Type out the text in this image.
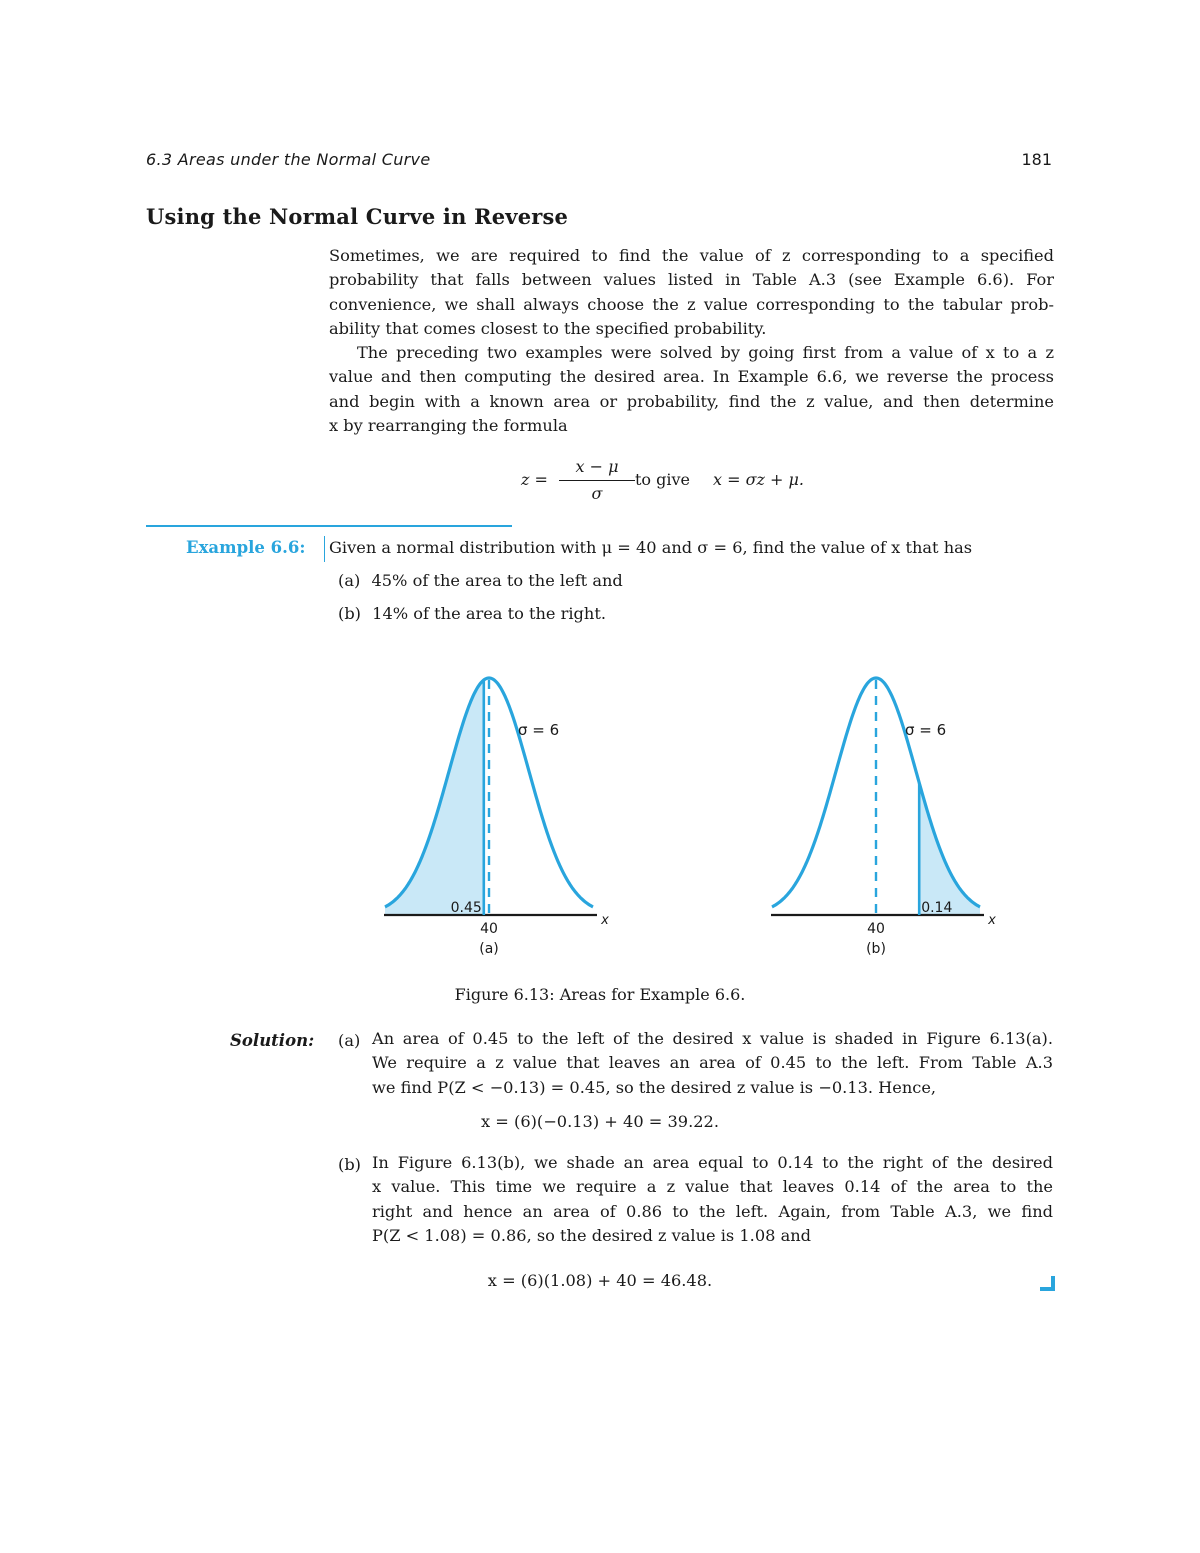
6.3 Areas under the Normal Curve	181
Using the Normal Curve in Reverse
Sometimes, we are required to find the value of z corresponding to a specified
probability that falls between values listed in Table A.3 (see Example 6.6). For
convenience, we shall always choose the z value corresponding to the tabular prob-
ability that comes closest to the specified probability.
The preceding two examples were solved by going first from a value of x to a z
value and then computing the desired area. In Example 6.6, we reverse the process
and begin with a known area or probability, find the z value, and then determine
x by rearranging the formula
z =
x − μ
σ
to give x = σz + μ.
Example 6.6: Given a normal distribution with μ = 40 and σ = 6, find the value of x that has
(a) 45% of the area to the left and
(b) 14% of the area to the right.
σ = 6
0.45
40
x
(a)
σ = 6
0.14
40
x
(b)
Figure 6.13: Areas for Example 6.6.
Solution: (a) An area of 0.45 to the left of the desired x value is shaded in Figure 6.13(a).
We require a z value that leaves an area of 0.45 to the left. From Table A.3
we find P(Z < −0.13) = 0.45, so the desired z value is −0.13. Hence,
x = (6)(−0.13) + 40 = 39.22.
(b) In Figure 6.13(b), we shade an area equal to 0.14 to the right of the desired
x value. This time we require a z value that leaves 0.14 of the area to the
right and hence an area of 0.86 to the left. Again, from Table A.3, we find
P(Z < 1.08) = 0.86, so the desired z value is 1.08 and
x = (6)(1.08) + 40 = 46.48.
